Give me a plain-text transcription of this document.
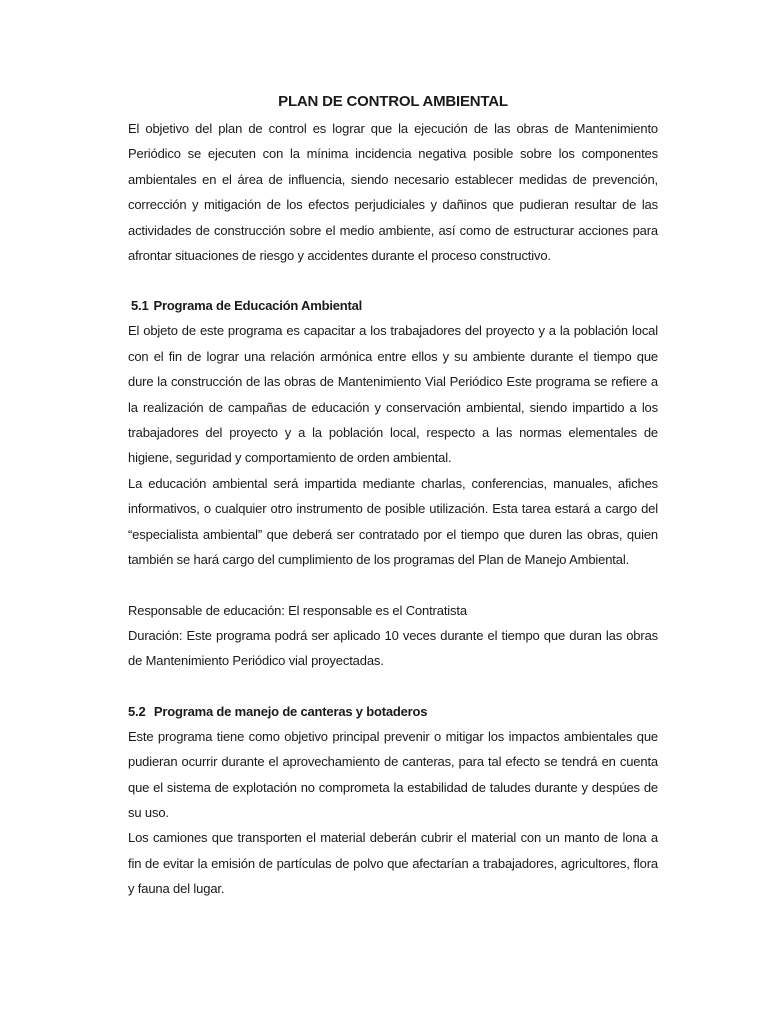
PLAN DE CONTROL AMBIENTAL

El objetivo del plan de control es lograr que la ejecución de las obras de Mantenimiento Periódico se ejecuten con la mínima incidencia negativa posible sobre los componentes ambientales en el área de influencia, siendo necesario establecer medidas de prevención, corrección y mitigación de los efectos perjudiciales y dañinos que pudieran resultar de las actividades de construcción sobre el medio ambiente, así como de estructurar acciones para afrontar situaciones de riesgo y accidentes durante el proceso constructivo.

5.1 Programa de Educación Ambiental

El objeto de este programa es capacitar a los trabajadores del proyecto y a la población local con el fin de lograr una relación armónica entre ellos y su ambiente durante el tiempo que dure la construcción de las obras de Mantenimiento Vial Periódico Este programa se refiere a la realización de campañas de educación y conservación ambiental, siendo impartido a los trabajadores del proyecto y a la población local, respecto a las normas elementales de higiene, seguridad y comportamiento de orden ambiental.

La educación ambiental será impartida mediante charlas, conferencias, manuales, afiches informativos, o cualquier otro instrumento de posible utilización. Esta tarea estará a cargo del “especialista ambiental” que deberá ser contratado por el tiempo que duren las obras, quien también se hará cargo del cumplimiento de los programas del Plan de Manejo Ambiental.

Responsable de educación: El responsable es el Contratista

Duración: Este programa podrá ser aplicado 10 veces durante el tiempo que duran las obras de Mantenimiento Periódico vial proyectadas.

5.2 Programa de manejo de canteras y botaderos

Este programa tiene como objetivo principal prevenir o mitigar los impactos ambientales que pudieran ocurrir durante el aprovechamiento de canteras, para tal efecto se tendrá en cuenta que el sistema de explotación no comprometa la estabilidad de taludes durante y despúes de su uso.

Los camiones que transporten el material deberán cubrir el material con un manto de lona a fin de evitar la emisión de partículas de polvo que afectarían a trabajadores, agricultores, flora y fauna del lugar.
